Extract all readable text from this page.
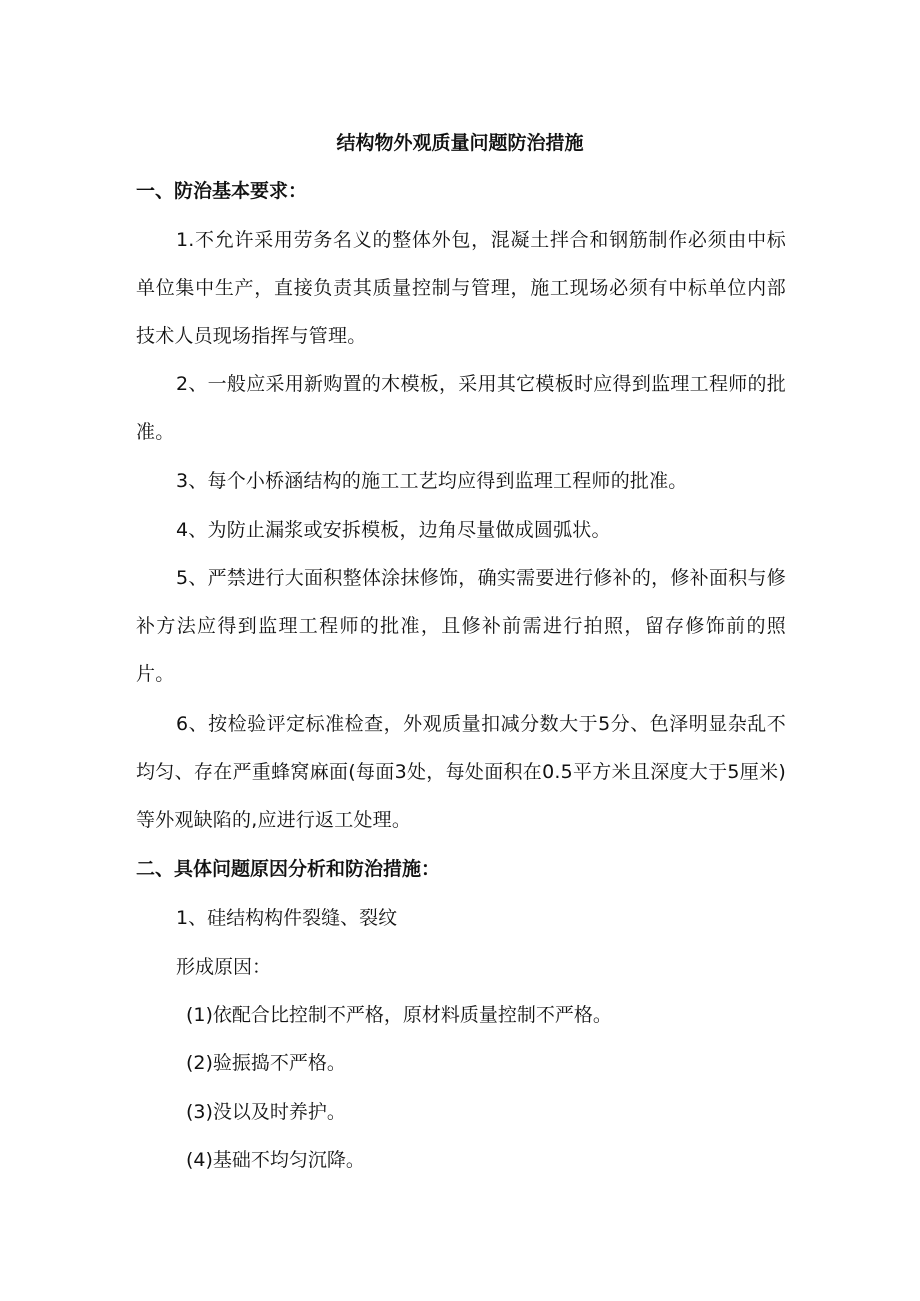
结构物外观质量问题防治措施
一、防治基本要求：

1.不允许采用劳务名义的整体外包，混凝土拌合和钢筋制作必须由中标单位集中生产，直接负责其质量控制与管理，施工现场必须有中标单位内部技术人员现场指挥与管理。

2、一般应采用新购置的木模板，采用其它模板时应得到监理工程师的批准。

3、每个小桥涵结构的施工工艺均应得到监理工程师的批准。

4、为防止漏浆或安拆模板，边角尽量做成圆弧状。

5、严禁进行大面积整体涂抹修饰，确实需要进行修补的，修补面积与修补方法应得到监理工程师的批准，且修补前需进行拍照，留存修饰前的照片。

6、按检验评定标准检查，外观质量扣减分数大于5分、色泽明显杂乱不均匀、存在严重蜂窝麻面(每面3处，每处面积在0.5平方米且深度大于5厘米)等外观缺陷的,应进行返工处理。

二、具体问题原因分析和防治措施：

1、硅结构构件裂缝、裂纹

形成原因：

(1)依配合比控制不严格，原材料质量控制不严格。

(2)验振捣不严格。

(3)没以及时养护。

(4)基础不均匀沉降。
